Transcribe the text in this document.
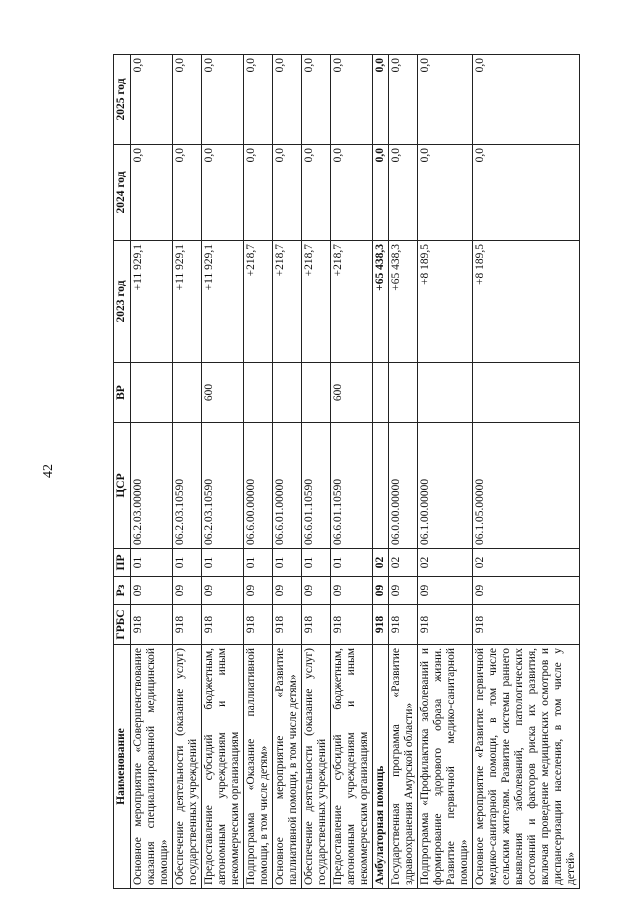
42
Наименование	ГРБС	Рз	ПР	ЦСР	ВР	2023 год	2024 год	2025 год
Основное мероприятие «Совершенствование оказания специализированной медицинской помощи»	918	09	01	06.2.03.00000		+11 929,1	0,0	0,0
Обеспечение деятельности (оказание услуг) государственных учреждений	918	09	01	06.2.03.10590		+11 929,1	0,0	0,0
Предоставление субсидий бюджетным, автономным учреждениям и иным некоммерческим организациям	918	09	01	06.2.03.10590	600	+11 929,1	0,0	0,0
Подпрограмма «Оказание паллиативной помощи, в том числе детям»	918	09	01	06.6.00.00000		+218,7	0,0	0,0
Основное мероприятие «Развитие паллиативной помощи, в том числе детям»	918	09	01	06.6.01.00000		+218,7	0,0	0,0
Обеспечение деятельности (оказание услуг) государственных учреждений	918	09	01	06.6.01.10590		+218,7	0,0	0,0
Предоставление субсидий бюджетным, автономным учреждениям и иным некоммерческим организациям	918	09	01	06.6.01.10590	600	+218,7	0,0	0,0
Амбулаторная помощь	918	09	02			+65 438,3	0,0	0,0
Государственная программа «Развитие здравоохранения Амурской области»	918	09	02	06.0.00.00000		+65 438,3	0,0	0,0
Подпрограмма «Профилактика заболеваний и формирование здорового образа жизни. Развитие первичной медико-санитарной помощи»	918	09	02	06.1.00.00000		+8 189,5	0,0	0,0
Основное мероприятие «Развитие первичной медико-санитарной помощи, в том числе сельским жителям. Развитие системы раннего выявления заболеваний, патологических состояний и факторов риска их развития, включая проведение медицинских осмотров и диспансеризации населения, в том числе у детей»	918	09	02	06.1.05.00000		+8 189,5	0,0	0,0
